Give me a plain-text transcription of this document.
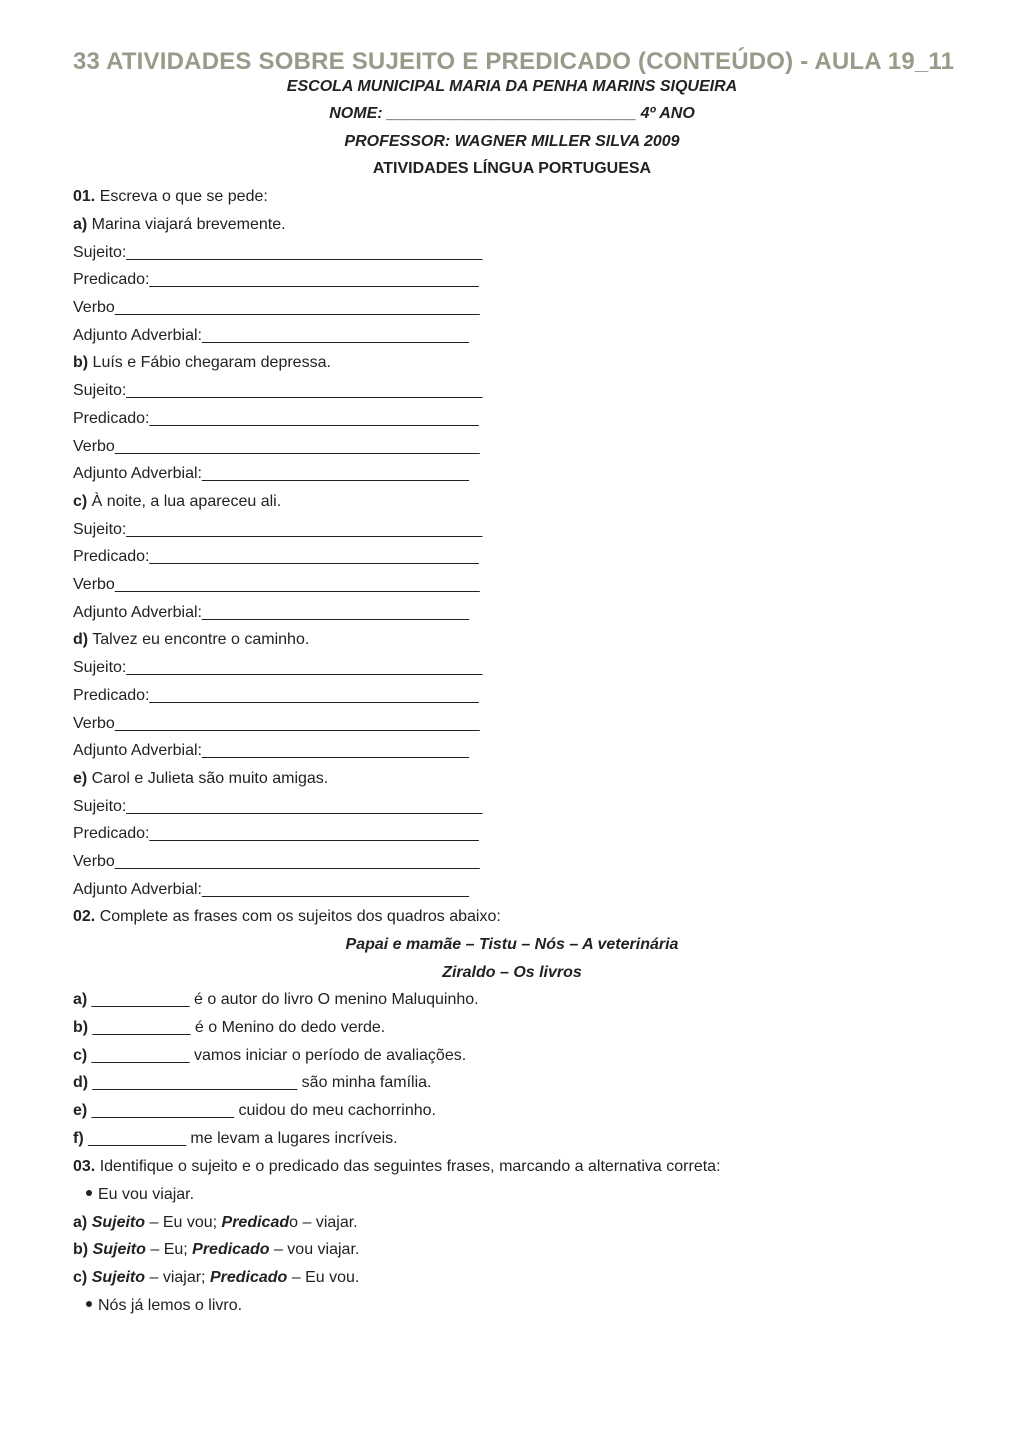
33 ATIVIDADES SOBRE SUJEITO E PREDICADO (CONTEÚDO) - AULA 19_11
ESCOLA MUNICIPAL MARIA DA PENHA MARINS SIQUEIRA
NOME: ____________________________ 4º ANO
PROFESSOR: WAGNER MILLER SILVA 2009
ATIVIDADES LÍNGUA PORTUGUESA
01. Escreva o que se pede:
a) Marina viajará brevemente.
Sujeito:________________________________________
Predicado:_____________________________________
Verbo_________________________________________
Adjunto Adverbial:______________________________
b) Luís e Fábio chegaram depressa.
Sujeito:________________________________________
Predicado:_____________________________________
Verbo_________________________________________
Adjunto Adverbial:______________________________
c) À noite, a lua apareceu ali.
Sujeito:________________________________________
Predicado:_____________________________________
Verbo_________________________________________
Adjunto Adverbial:______________________________
d) Talvez eu encontre o caminho.
Sujeito:________________________________________
Predicado:_____________________________________
Verbo_________________________________________
Adjunto Adverbial:______________________________
e) Carol e Julieta são muito amigas.
Sujeito:________________________________________
Predicado:_____________________________________
Verbo_________________________________________
Adjunto Adverbial:______________________________
02. Complete as frases com os sujeitos dos quadros abaixo:
Papai e mamãe – Tistu – Nós – A veterinária
Ziraldo – Os livros
a) ___________ é o autor do livro O menino Maluquinho.
b) ___________ é o Menino do dedo verde.
c) ___________ vamos iniciar o período de avaliações.
d) _______________________ são minha família.
e) ________________ cuidou do meu cachorrinho.
f) ___________ me levam a lugares incríveis.
03. Identifique o sujeito e o predicado das seguintes frases, marcando a alternativa correta:
Eu vou viajar.
a) Sujeito – Eu vou; Predicado – viajar.
b) Sujeito – Eu; Predicado – vou viajar.
c) Sujeito – viajar; Predicado – Eu vou.
Nós já lemos o livro.
